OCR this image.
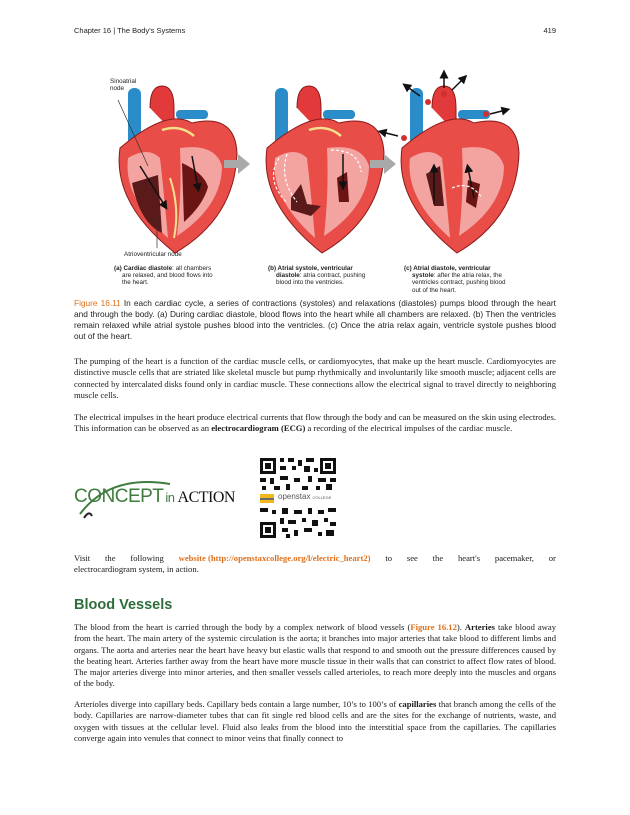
Chapter 16 | The Body's Systems	419
Sinoatrial
node
Atrioventricular node
(a) Cardiac diastole: all chambers
are relaxed, and blood flows into
the heart.
(b) Atrial systole, ventricular
diastole: atria contract, pushing
blood into the ventricles.
(c) Atrial diastole, ventricular
systole: after the atria relax, the
ventricles contract, pushing blood
out of the heart.
Figure 16.11 In each cardiac cycle, a series of contractions (systoles) and relaxations (diastoles) pumps blood through the heart and through the body. (a) During cardiac diastole, blood flows into the heart while all chambers are relaxed. (b) Then the ventricles remain relaxed while atrial systole pushes blood into the ventricles. (c) Once the atria relax again, ventricle systole pushes blood out of the heart.

The pumping of the heart is a function of the cardiac muscle cells, or cardiomyocytes, that make up the heart muscle. Cardiomyocytes are distinctive muscle cells that are striated like skeletal muscle but pump rhythmically and involuntarily like smooth muscle; adjacent cells are connected by intercalated disks found only in cardiac muscle. These connections allow the electrical signal to travel directly to neighboring muscle cells.

The electrical impulses in the heart produce electrical currents that flow through the body and can be measured on the skin using electrodes. This information can be observed as an electrocardiogram (ECG) a recording of the electrical impulses of the cardiac muscle.

CONCEPT in ACTION	openstax COLLEGE
Visit the following website (http://openstaxcollege.org/l/electric_heart2) to see the heart's pacemaker, or
electrocardiogram system, in action.
Blood Vessels

The blood from the heart is carried through the body by a complex network of blood vessels (Figure 16.12). Arteries take blood away from the heart. The main artery of the systemic circulation is the aorta; it branches into major arteries that take blood to different limbs and organs. The aorta and arteries near the heart have heavy but elastic walls that respond to and smooth out the pressure differences caused by the beating heart. Arteries farther away from the heart have more muscle tissue in their walls that can constrict to affect flow rates of blood. The major arteries diverge into minor arteries, and then smaller vessels called arterioles, to reach more deeply into the muscles and organs of the body.

Arterioles diverge into capillary beds. Capillary beds contain a large number, 10’s to 100’s of capillaries that branch among the cells of the body. Capillaries are narrow-diameter tubes that can fit single red blood cells and are the sites for the exchange of nutrients, waste, and oxygen with tissues at the cellular level. Fluid also leaks from the blood into the interstitial space from the capillaries. The capillaries converge again into venules that connect to minor veins that finally connect to
